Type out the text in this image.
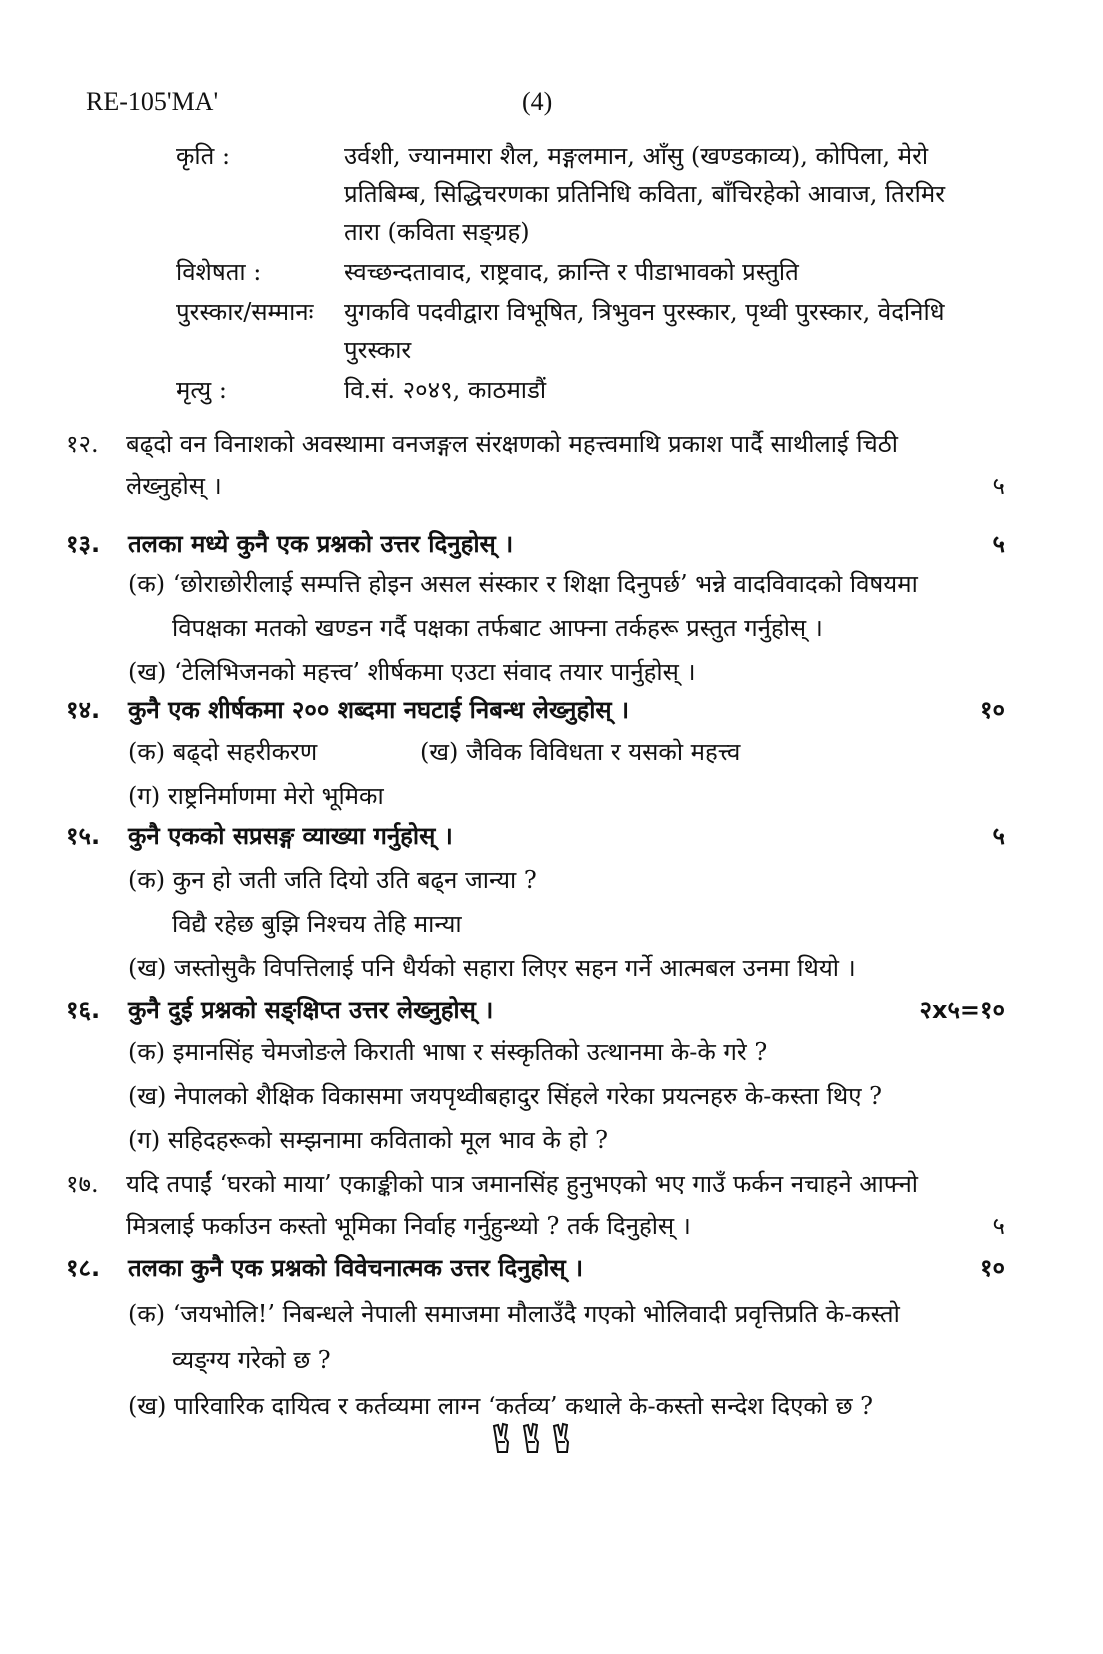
RE-105'MA'	(4)
कृति :	उर्वशी, ज्यानमारा शैल, मङ्गलमान, आँसु (खण्डकाव्य), कोपिला, मेरो
प्रतिबिम्ब, सिद्धिचरणका प्रतिनिधि कविता, बाँचिरहेको आवाज, तिरमिर
तारा (कविता सङ्ग्रह)
विशेषता :	स्वच्छन्दतावाद, राष्ट्रवाद, क्रान्ति र पीडाभावको प्रस्तुति
पुरस्कार/सम्मानः युगकवि पदवीद्वारा विभूषित, त्रिभुवन पुरस्कार, पृथ्वी पुरस्कार, वेदनिधि
पुरस्कार
मृत्यु :	वि.सं. २०४९, काठमाडौं
१२. बढ्दो वन विनाशको अवस्थामा वनजङ्गल संरक्षणको महत्त्वमाथि प्रकाश पार्दै साथीलाई चिठी
लेख्नुहोस् ।	५
१३. तलका मध्ये कुनै एक प्रश्नको उत्तर दिनुहोस् ।	५
(क) ‘छोराछोरीलाई सम्पत्ति होइन असल संस्कार र शिक्षा दिनुपर्छ’ भन्ने वादविवादको विषयमा
विपक्षका मतको खण्डन गर्दै पक्षका तर्फबाट आफ्ना तर्कहरू प्रस्तुत गर्नुहोस् ।
(ख) ‘टेलिभिजनको महत्त्व’ शीर्षकमा एउटा संवाद तयार पार्नुहोस् ।
१४. कुनै एक शीर्षकमा २०० शब्दमा नघटाई निबन्ध लेख्नुहोस् ।	१०
(क) बढ्दो सहरीकरण	(ख) जैविक विविधता र यसको महत्त्व
(ग) राष्ट्रनिर्माणमा मेरो भूमिका
१५. कुनै एकको सप्रसङ्ग व्याख्या गर्नुहोस् ।	५
(क) कुन हो जती जति दियो उति बढ्न जान्या ?
विद्यै रहेछ बुझि निश्चय तेहि मान्या
(ख) जस्तोसुकै विपत्तिलाई पनि धैर्यको सहारा लिएर सहन गर्ने आत्मबल उनमा थियो ।
१६. कुनै दुई प्रश्नको सङ्क्षिप्त उत्तर लेख्नुहोस् ।	२x५=१०
(क) इमानसिंह चेमजोङले किराती भाषा र संस्कृतिको उत्थानमा के-के गरे ?
(ख) नेपालको शैक्षिक विकासमा जयपृथ्वीबहादुर सिंहले गरेका प्रयत्नहरु के-कस्ता थिए ?
(ग) सहिदहरूको सम्झनामा कविताको मूल भाव के हो ?
१७. यदि तपाईं ‘घरको माया’ एकाङ्कीको पात्र जमानसिंह हुनुभएको भए गाउँ फर्कन नचाहने आफ्नो
मित्रलाई फर्काउन कस्तो भूमिका निर्वाह गर्नुहुन्थ्यो ? तर्क दिनुहोस् ।	५
१८. तलका कुनै एक प्रश्नको विवेचनात्मक उत्तर दिनुहोस् ।	१०
(क) ‘जयभोलि!’ निबन्धले नेपाली समाजमा मौलाउँदै गएको भोलिवादी प्रवृत्तिप्रति के-कस्तो
व्यङ्ग्य गरेको छ ?
(ख) पारिवारिक दायित्व र कर्तव्यमा लाग्न ‘कर्तव्य’ कथाले के-कस्तो सन्देश दिएको छ ?
